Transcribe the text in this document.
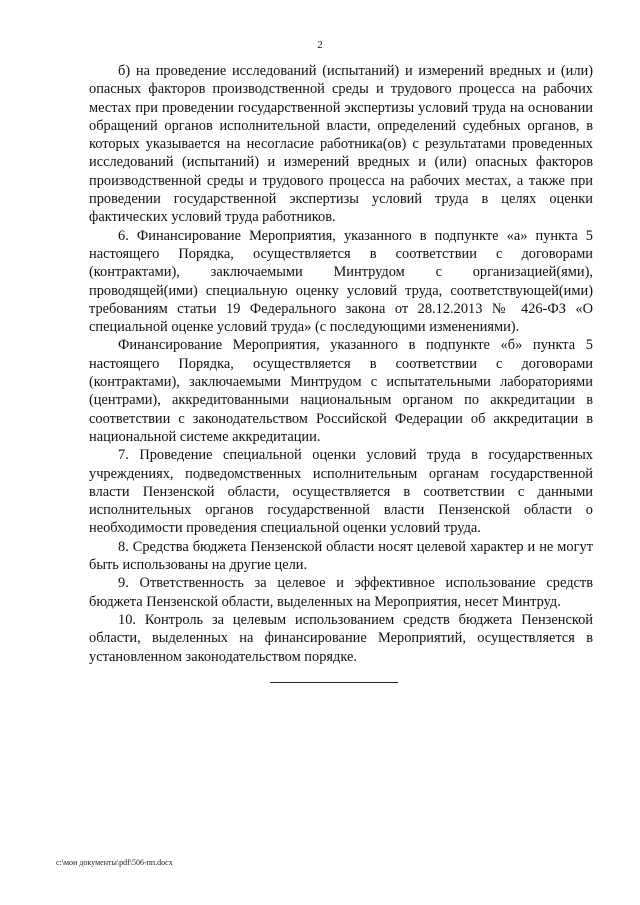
2

б) на проведение исследований (испытаний) и измерений вредных и (или) опасных факторов производственной среды и трудового процесса на рабочих местах при проведении государственной экспертизы условий труда на основании обращений органов исполнительной власти, определений судебных органов, в которых указывается на несогласие работника(ов) с результатами проведенных исследований (испытаний) и измерений вредных и (или) опасных факторов производственной среды и трудового процесса на рабочих местах, а также при проведении государственной экспертизы условий труда в целях оценки фактических условий труда работников.

6. Финансирование Мероприятия, указанного в подпункте «а» пункта 5 настоящего Порядка, осуществляется в соответствии с договорами (контрактами), заключаемыми Минтрудом с организацией(ями), проводящей(ими) специальную оценку условий труда, соответствующей(ими) требованиям статьи 19 Федерального закона от 28.12.2013 № 426-ФЗ «О специальной оценке условий труда» (с последующими изменениями).

Финансирование Мероприятия, указанного в подпункте «б» пункта 5 настоящего Порядка, осуществляется в соответствии с договорами (контрактами), заключаемыми Минтрудом с испытательными лабораториями (центрами), аккредитованными национальным органом по аккредитации в соответствии с законодательством Российской Федерации об аккредитации в национальной системе аккредитации.

7. Проведение специальной оценки условий труда в государственных учреждениях, подведомственных исполнительным органам государственной власти Пензенской области, осуществляется в соответствии с данными исполнительных органов государственной власти Пензенской области о необходимости проведения специальной оценки условий труда.

8. Средства бюджета Пензенской области носят целевой характер и не могут быть использованы на другие цели.

9. Ответственность за целевое и эффективное использование средств бюджета Пензенской области, выделенных на Мероприятия, несет Минтруд.

10. Контроль за целевым использованием средств бюджета Пензенской области, выделенных на финансирование Мероприятий, осуществляется в установленном законодательством порядке.

c:\мои документы\pdf\506-пп.docx
